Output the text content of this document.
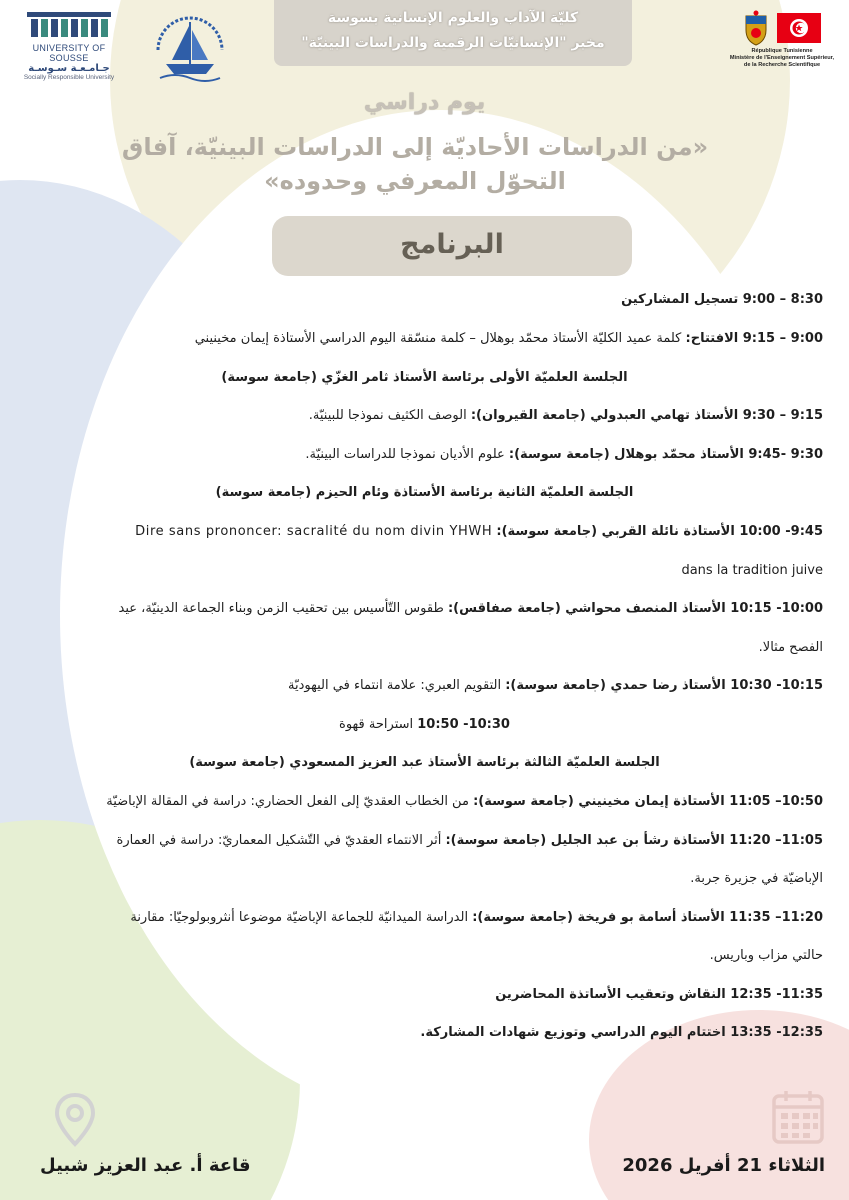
كليّة الآداب والعلوم الإنسانية بسوسة
مخبر "الإنسانيّات الرقمية والدراسات البينيّة"
UNIVERSITY OF SOUSSE
جـامـعـة سـوسـة
Socially Responsible University
République Tunisienne
Ministère de l'Enseignement Supérieur,
de la Recherche Scientifique
يوم دراسي
«من الدراسات الأحاديّة إلى الدراسات البينيّة، آفاق
التحوّل المعرفي وحدوده»
البرنامج
8:30 – 9:00 تسجيل المشاركين
9:00 – 9:15 الافتتاح: كلمة عميد الكليّة الأستاذ محمّد بوهلال – كلمة منسّقة اليوم الدراسي الأستاذة إيمان مخينيني
الجلسة العلميّة الأولى برئاسة الأستاذ ثامر الغزّي (جامعة سوسة)
9:15 – 9:30 الأستاذ تهامي العبدولي (جامعة القيروان): الوصف الكثيف نموذجا للبينيّة.
9:30 -9:45 الأستاذ محمّد بوهلال (جامعة سوسة): علوم الأديان نموذجا للدراسات البينيّة.
الجلسة العلميّة الثانية برئاسة الأستاذة وئام الحيزم (جامعة سوسة)
9:45- 10:00 الأستاذة نائلة القربي (جامعة سوسة): Dire sans prononcer: sacralité du nom divin YHWH
dans la tradition juive
10:00- 10:15 الأستاذ المنصف محواشي (جامعة صفاقس): طقوس التّأسيس بين تحقيب الزمن وبناء الجماعة الدينيّة، عيد
الفصح مثالا.
10:15- 10:30 الأستاذ رضا حمدي (جامعة سوسة): التقويم العبري: علامة انتماء في اليهوديّة
10:30- 10:50 استراحة قهوة
الجلسة العلميّة الثالثة برئاسة الأستاذ عبد العزيز المسعودي (جامعة سوسة)
10:50– 11:05 الأستاذة إيمان مخينيني (جامعة سوسة): من الخطاب العقديّ إلى الفعل الحضاري: دراسة في المقالة الإباضيّة
11:05– 11:20 الأستاذة رشأ بن عبد الجليل (جامعة سوسة): أثر الانتماء العقديّ في التّشكيل المعماريّ: دراسة في العمارة
الإباضيّة في جزيرة جربة.
11:20– 11:35 الأستاذ أسامة بو فريخة (جامعة سوسة): الدراسة الميدانيّة للجماعة الإباضيّة موضوعا أنثروبولوجيّا: مقارنة
حالتي مزاب وباريس.
11:35- 12:35 النقاش وتعقيب الأساتذة المحاضرين
12:35- 13:35 اختتام اليوم الدراسي وتوزيع شهادات المشاركة.
قاعة أ. عبد العزيز شبيل	الثلاثاء 21 أفريل 2026
